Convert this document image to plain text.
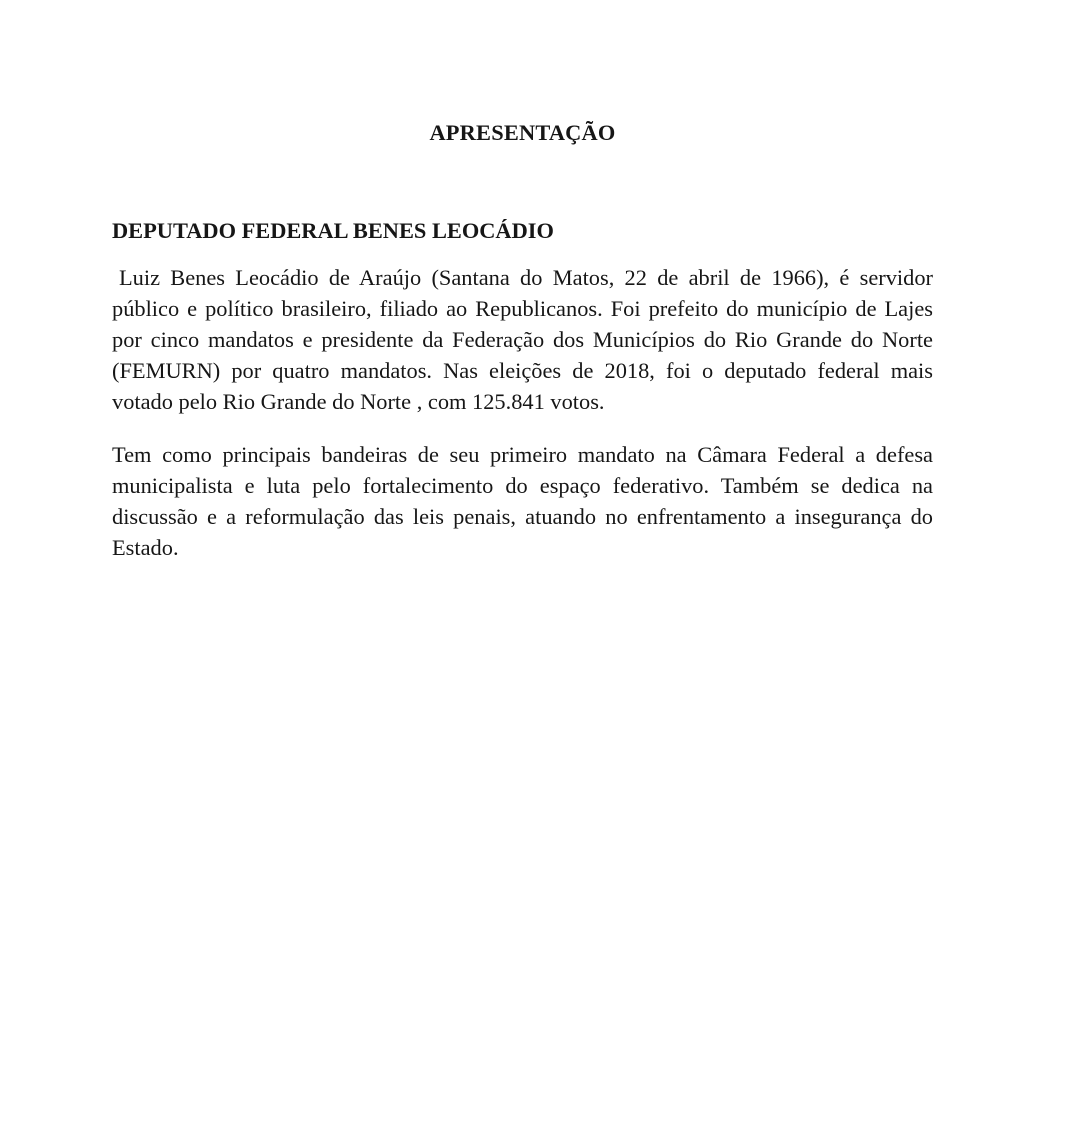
APRESENTAÇÃO
DEPUTADO FEDERAL BENES LEOCÁDIO

Luiz Benes Leocádio de Araújo (Santana do Matos, 22 de abril de 1966), é servidor público e político brasileiro, filiado ao Republicanos. Foi prefeito do município de Lajes por cinco mandatos e presidente da Federação dos Municípios do Rio Grande do Norte (FEMURN) por quatro mandatos. Nas eleições de 2018, foi o deputado federal mais votado pelo Rio Grande do Norte , com 125.841 votos.

Tem como principais bandeiras de seu primeiro mandato na Câmara Federal a defesa municipalista e luta pelo fortalecimento do espaço federativo. Também se dedica na discussão e a reformulação das leis penais, atuando no enfrentamento a insegurança do Estado.
